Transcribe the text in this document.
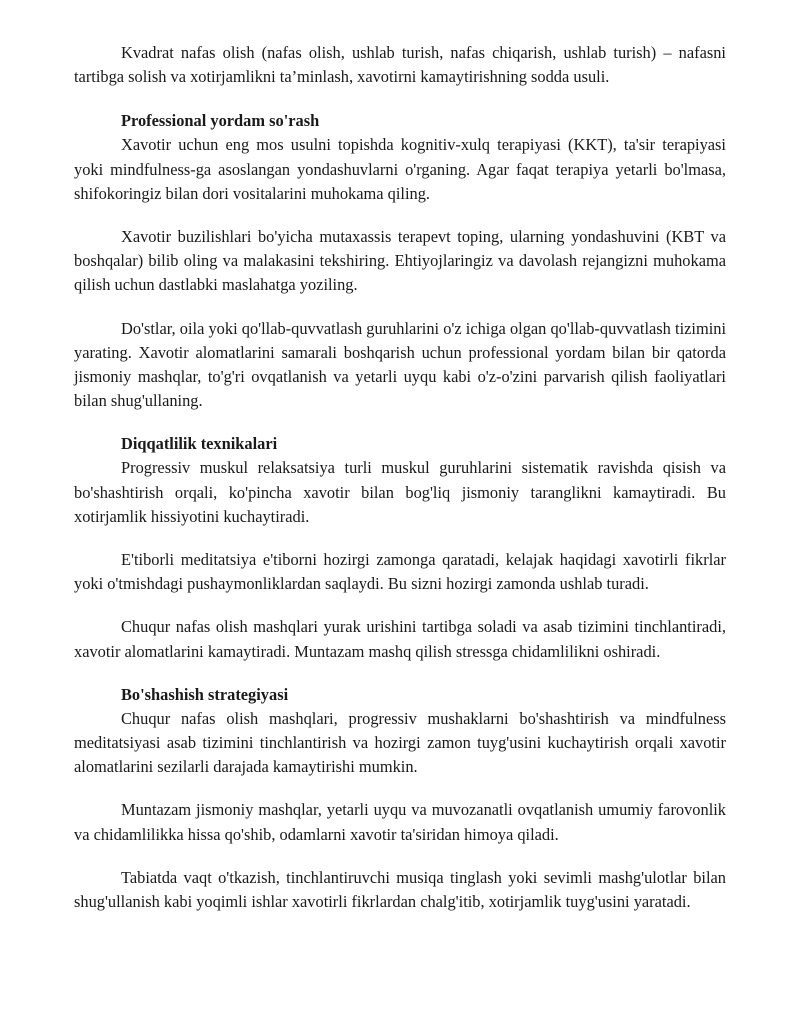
Kvadrat nafas olish (nafas olish, ushlab turish, nafas chiqarish, ushlab turish) – nafasni tartibga solish va xotirjamlikni ta’minlash, xavotirni kamaytirishning sodda usuli.

Professional yordam so'rash

Xavotir uchun eng mos usulni topishda kognitiv-xulq terapiyasi (KKT), ta'sir terapiyasi yoki mindfulness-ga asoslangan yondashuvlarni o'rganing. Agar faqat terapiya yetarli bo'lmasa, shifokoringiz bilan dori vositalarini muhokama qiling.

Xavotir buzilishlari bo'yicha mutaxassis terapevt toping, ularning yondashuvini (KBT va boshqalar) bilib oling va malakasini tekshiring. Ehtiyojlaringiz va davolash rejangizni muhokama qilish uchun dastlabki maslahatga yoziling.

Do'stlar, oila yoki qo'llab-quvvatlash guruhlarini o'z ichiga olgan qo'llab-quvvatlash tizimini yarating. Xavotir alomatlarini samarali boshqarish uchun professional yordam bilan bir qatorda jismoniy mashqlar, to'g'ri ovqatlanish va yetarli uyqu kabi o'z-o'zini parvarish qilish faoliyatlari bilan shug'ullaning.

Diqqatlilik texnikalari

Progressiv muskul relaksatsiya turli muskul guruhlarini sistematik ravishda qisish va bo'shashtirish orqali, ko'pincha xavotir bilan bog'liq jismoniy taranglikni kamaytiradi. Bu xotirjamlik hissiyotini kuchaytiradi.

E'tiborli meditatsiya e'tiborni hozirgi zamonga qaratadi, kelajak haqidagi xavotirli fikrlar yoki o'tmishdagi pushaymonliklardan saqlaydi. Bu sizni hozirgi zamonda ushlab turadi.

Chuqur nafas olish mashqlari yurak urishini tartibga soladi va asab tizimini tinchlantiradi, xavotir alomatlarini kamaytiradi. Muntazam mashq qilish stressga chidamlilikni oshiradi.

Bo'shashish strategiyasi

Chuqur nafas olish mashqlari, progressiv mushaklarni bo'shashtirish va mindfulness meditatsiyasi asab tizimini tinchlantirish va hozirgi zamon tuyg'usini kuchaytirish orqali xavotir alomatlarini sezilarli darajada kamaytirishi mumkin.

Muntazam jismoniy mashqlar, yetarli uyqu va muvozanatli ovqatlanish umumiy farovonlik va chidamlilikka hissa qo'shib, odamlarni xavotir ta'siridan himoya qiladi.

Tabiatda vaqt o'tkazish, tinchlantiruvchi musiqa tinglash yoki sevimli mashg'ulotlar bilan shug'ullanish kabi yoqimli ishlar xavotirli fikrlardan chalg'itib, xotirjamlik tuyg'usini yaratadi.
